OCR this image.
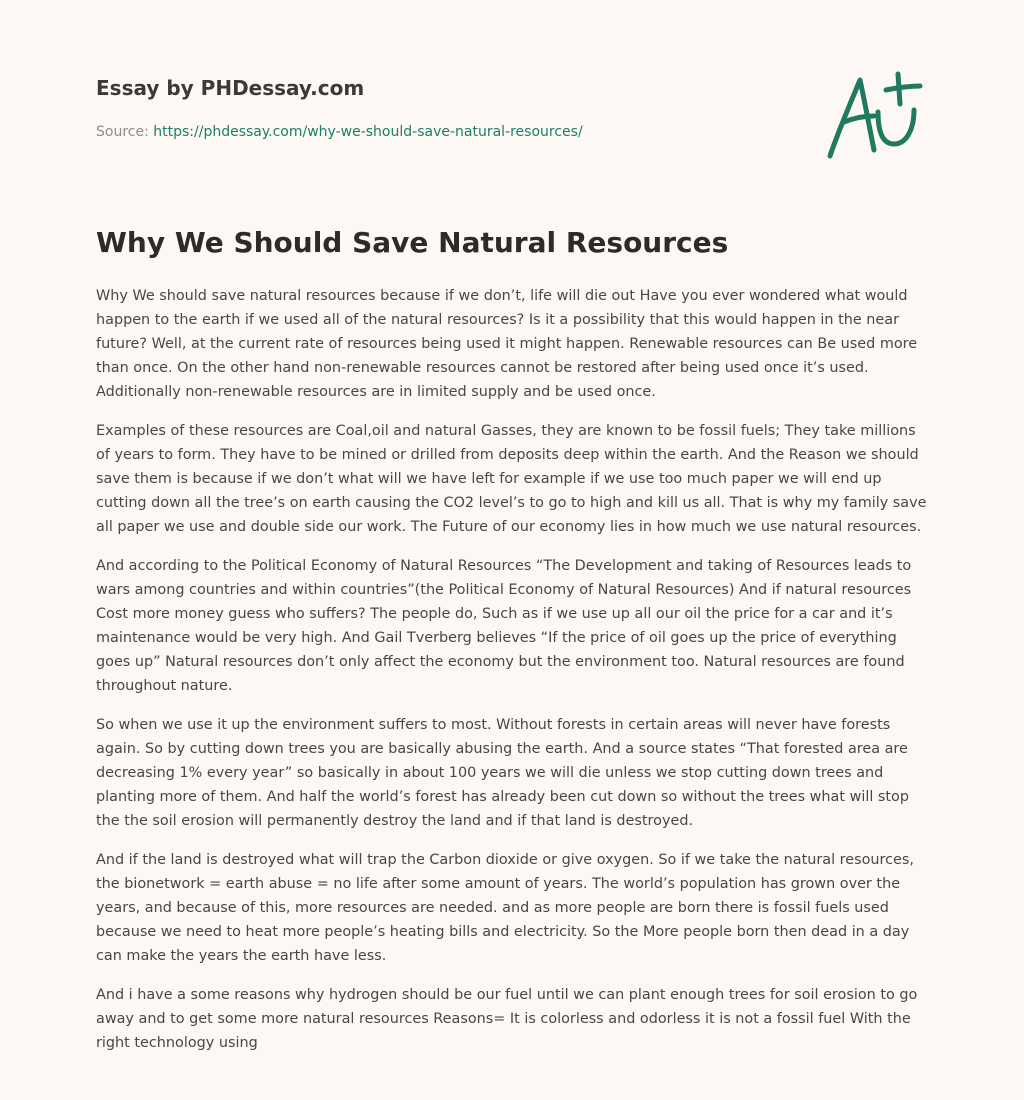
Essay by PHDessay.com
Source: https://phdessay.com/why-we-should-save-natural-resources/
Why We Should Save Natural Resources

Why We should save natural resources because if we don’t, life will die out Have you ever wondered what would happen to the earth if we used all of the natural resources? Is it a possibility that this would happen in the near future? Well, at the current rate of resources being used it might happen. Renewable resources can Be used more than once. On the other hand non-renewable resources cannot be restored after being used once it’s used. Additionally non-renewable resources are in limited supply and be used once.

Examples of these resources are Coal,oil and natural Gasses, they are known to be fossil fuels; They take millions of years to form. They have to be mined or drilled from deposits deep within the earth. And the Reason we should save them is because if we don’t what will we have left for example if we use too much paper we will end up cutting down all the tree’s on earth causing the CO2 level’s to go to high and kill us all. That is why my family save all paper we use and double side our work. The Future of our economy lies in how much we use natural resources.

And according to the Political Economy of Natural Resources “The Development and taking of Resources leads to wars among countries and within countries”(the Political Economy of Natural Resources) And if natural resources Cost more money guess who suffers? The people do, Such as if we use up all our oil the price for a car and it’s maintenance would be very high. And Gail Tverberg believes “If the price of oil goes up the price of everything goes up” Natural resources don’t only affect the economy but the environment too. Natural resources are found throughout nature.

So when we use it up the environment suffers to most. Without forests in certain areas will never have forests again. So by cutting down trees you are basically abusing the earth. And a source states “That forested area are decreasing 1% every year” so basically in about 100 years we will die unless we stop cutting down trees and planting more of them. And half the world’s forest has already been cut down so without the trees what will stop the the soil erosion will permanently destroy the land and if that land is destroyed.

And if the land is destroyed what will trap the Carbon dioxide or give oxygen. So if we take the natural resources, the bionetwork = earth abuse = no life after some amount of years. The world’s population has grown over the years, and because of this, more resources are needed. and as more people are born there is fossil fuels used because we need to heat more people’s heating bills and electricity. So the More people born then dead in a day can make the years the earth have less.

And i have a some reasons why hydrogen should be our fuel until we can plant enough trees for soil erosion to go away and to get some more natural resources Reasons= It is colorless and odorless it is not a fossil fuel With the right technology using
